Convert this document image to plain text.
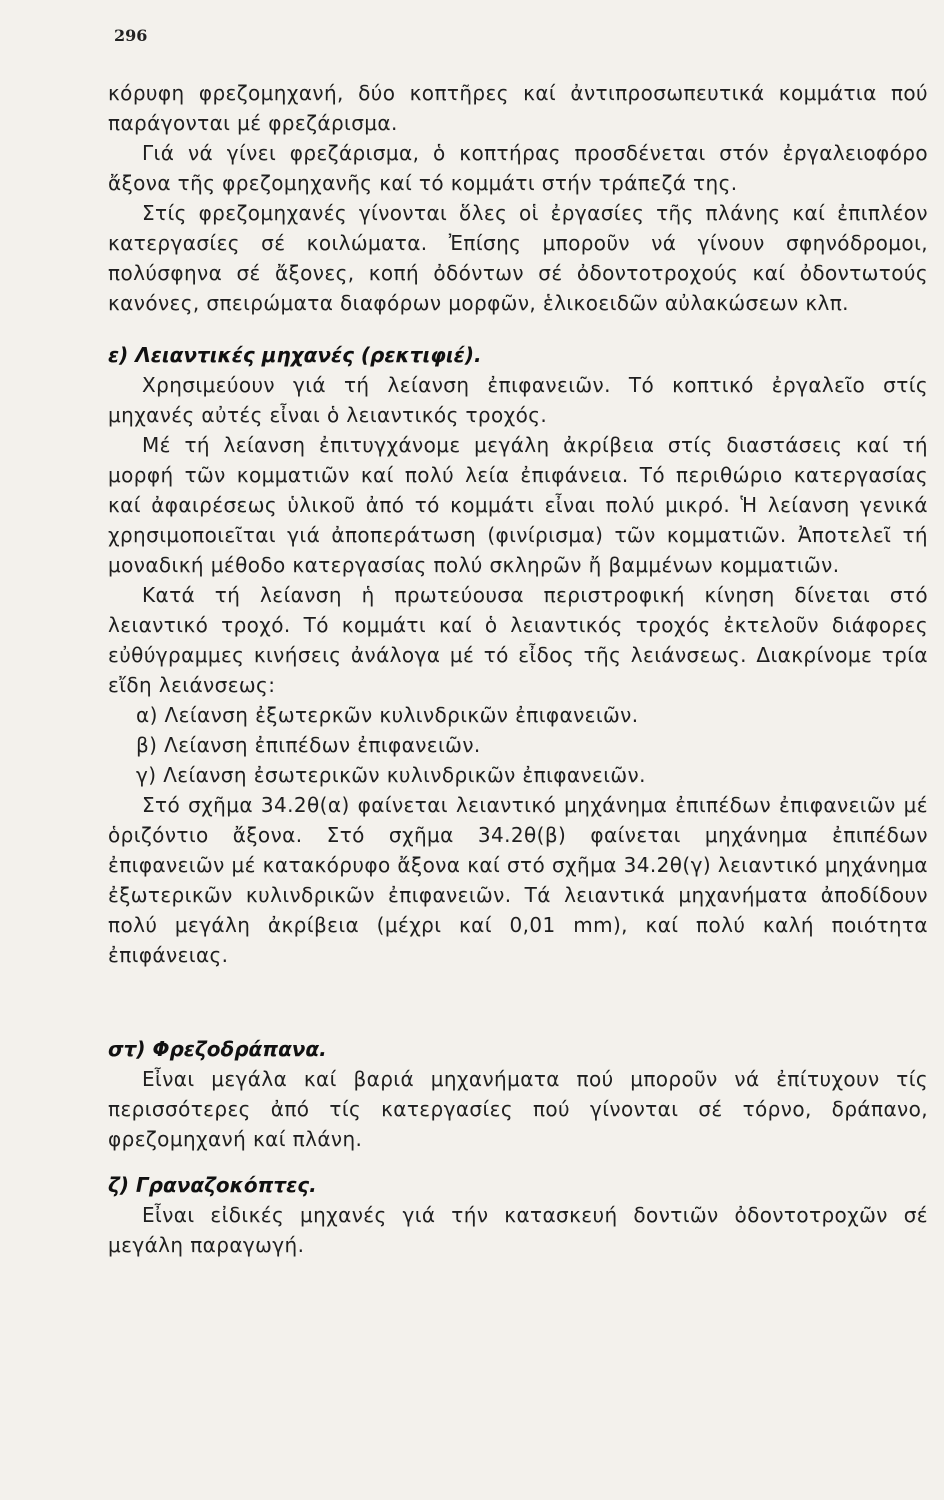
296

κόρυφη φρεζομηχανή, δύο κοπτῆρες καί ἀντιπροσωπευτικά κομμάτια πού παράγονται μέ φρεζάρισμα.

Γιά νά γίνει φρεζάρισμα, ὁ κοπτήρας προσδένεται στόν ἐργαλειοφόρο ἄξονα τῆς φρεζομηχανῆς καί τό κομμάτι στήν τράπεζά της.

Στίς φρεζομηχανές γίνονται ὅλες οἱ ἐργασίες τῆς πλάνης καί ἐπιπλέον κατεργασίες σέ κοιλώματα. Ἐπίσης μποροῦν νά γίνουν σφηνόδρομοι, πολύσφηνα σέ ἄξονες, κοπή ὀδόντων σέ ὀδοντοτροχούς καί ὀδοντωτούς κανόνες, σπειρώματα διαφόρων μορφῶν, ἑλικοειδῶν αὐλακώσεων κλπ.

ε) Λειαντικές μηχανές (ρεκτιφιέ).

Χρησιμεύουν γιά τή λείανση ἐπιφανειῶν. Τό κοπτικό ἐργαλεῖο στίς μηχανές αὐτές εἶναι ὁ λειαντικός τροχός.

Μέ τή λείανση ἐπιτυγχάνομε μεγάλη ἀκρίβεια στίς διαστάσεις καί τή μορφή τῶν κομματιῶν καί πολύ λεία ἐπιφάνεια. Τό περιθώριο κατεργασίας καί ἀφαιρέσεως ὑλικοῦ ἀπό τό κομμάτι εἶναι πολύ μικρό. Ἡ λείανση γενικά χρησιμοποιεῖται γιά ἀποπεράτωση (φινίρισμα) τῶν κομματιῶν. Ἀποτελεῖ τή μοναδική μέθοδο κατεργασίας πολύ σκληρῶν ἤ βαμμένων κομματιῶν.

Κατά τή λείανση ἡ πρωτεύουσα περιστροφική κίνηση δίνεται στό λειαντικό τροχό. Τό κομμάτι καί ὁ λειαντικός τροχός ἐκτελοῦν διάφορες εὐθύγραμμες κινήσεις ἀνάλογα μέ τό εἶδος τῆς λειάνσεως. Διακρίνομε τρία εἴδη λειάνσεως:

α) Λείανση ἐξωτερκῶν κυλινδρικῶν ἐπιφανειῶν.

β) Λείανση ἐπιπέδων ἐπιφανειῶν.

γ) Λείανση ἐσωτερικῶν κυλινδρικῶν ἐπιφανειῶν.

Στό σχῆμα 34.2θ(α) φαίνεται λειαντικό μηχάνημα ἐπιπέδων ἐπιφανειῶν μέ ὁριζόντιο ἄξονα. Στό σχῆμα 34.2θ(β) φαίνεται μηχάνημα ἐπιπέδων ἐπιφανειῶν μέ κατακόρυφο ἄξονα καί στό σχῆμα 34.2θ(γ) λειαντικό μηχάνημα ἐξωτερικῶν κυλινδρικῶν ἐπιφανειῶν. Τά λειαντικά μηχανήματα ἀποδίδουν πολύ μεγάλη ἀκρίβεια (μέχρι καί 0,01 mm), καί πολύ καλή ποιότητα ἐπιφάνειας.

στ) Φρεζοδράπανα.

Εἶναι μεγάλα καί βαριά μηχανήματα πού μποροῦν νά ἐπίτυχουν τίς περισσότερες ἀπό τίς κατεργασίες πού γίνονται σέ τόρνο, δράπανο, φρεζομηχανή καί πλάνη.

ζ) Γραναζοκόπτες.

Εἶναι εἰδικές μηχανές γιά τήν κατασκευή δοντιῶν ὀδοντοτροχῶν σέ μεγάλη παραγωγή.
